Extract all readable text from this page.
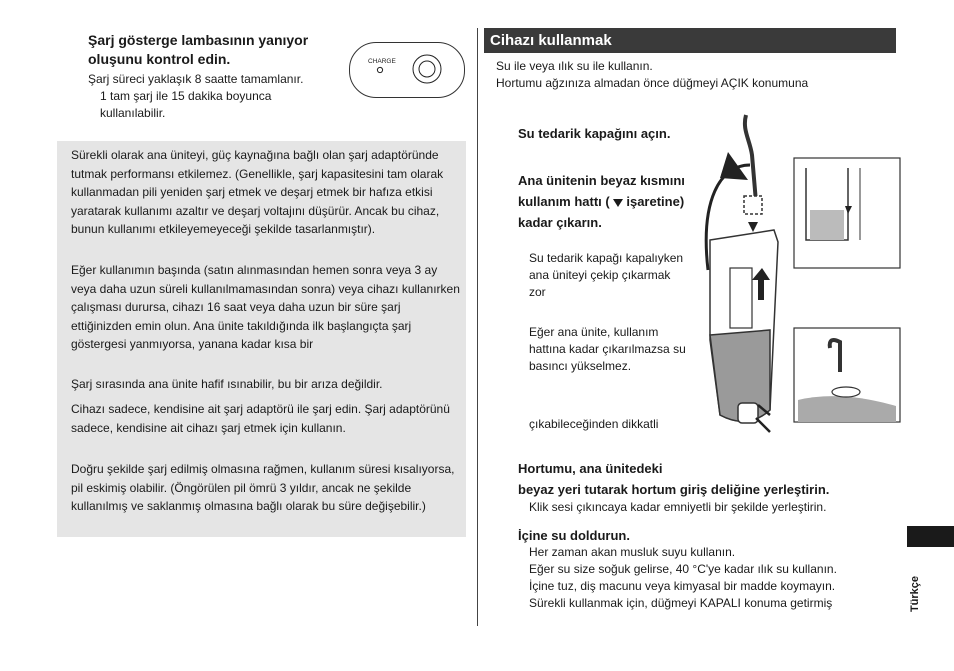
Şarj gösterge lambasının yanıyor oluşunu kontrol edin.
Şarj süreci yaklaşık 8 saatte tamamlanır.
1 tam şarj ile 15 dakika boyunca
kullanılabilir.
CHARGE
Sürekli olarak ana üniteyi, güç kaynağına bağlı olan şarj adaptöründe tutmak performansı etkilemez. (Genellikle, şarj kapasitesini tam olarak kullanmadan pili yeniden şarj etmek ve deşarj etmek bir hafıza etkisi yaratarak kullanımı azaltır ve deşarj voltajını düşürür. Ancak bu cihaz, bunun kullanımı etkileyemeyeceği şekilde tasarlanmıştır).
Eğer kullanımın başında (satın alınmasından hemen sonra veya 3 ay veya daha uzun süreli kullanılmamasından sonra) veya cihazı kullanırken çalışması durursa, cihazı 16 saat veya daha uzun bir süre şarj ettiğinizden emin olun. Ana ünite takıldığında ilk başlangıçta şarj göstergesi yanmıyorsa, yanana kadar kısa bir
Şarj sırasında ana ünite hafif ısınabilir, bu bir arıza değildir.
Cihazı sadece, kendisine ait şarj adaptörü ile şarj edin. Şarj adaptörünü sadece, kendisine ait cihazı şarj etmek için kullanın.
Doğru şekilde şarj edilmiş olmasına rağmen, kullanım süresi kısalıyorsa, pil eskimiş olabilir. (Öngörülen pil ömrü 3 yıldır, ancak ne şekilde kullanılmış ve saklanmış olmasına bağlı olarak bu süre değişebilir.)
Cihazı kullanmak
Su ile veya ılık su ile kullanın.
Hortumu ağzınıza almadan önce düğmeyi AÇIK konumuna
Su tedarik kapağını açın.
Ana ünitenin beyaz kısmını kullanım hattı ( işaretine) kadar çıkarın.
Su tedarik kapağı kapalıyken ana üniteyi çekip çıkarmak zor
Eğer ana ünite, kullanım hattına kadar çıkarılmazsa su basıncı yükselmez.
çıkabileceğinden dikkatli
Hortumu, ana ünitedeki
beyaz yeri tutarak hortum giriş deliğine yerleştirin.
Klik sesi çıkıncaya kadar emniyetli bir şekilde yerleştirin.
İçine su doldurun.
Her zaman akan musluk suyu kullanın.
Eğer su size soğuk gelirse, 40 °C'ye kadar ılık su kullanın.
İçine tuz, diş macunu veya kimyasal bir madde koymayın.
Sürekli kullanmak için, düğmeyi KAPALI konuma getirmiş	Türkçe
